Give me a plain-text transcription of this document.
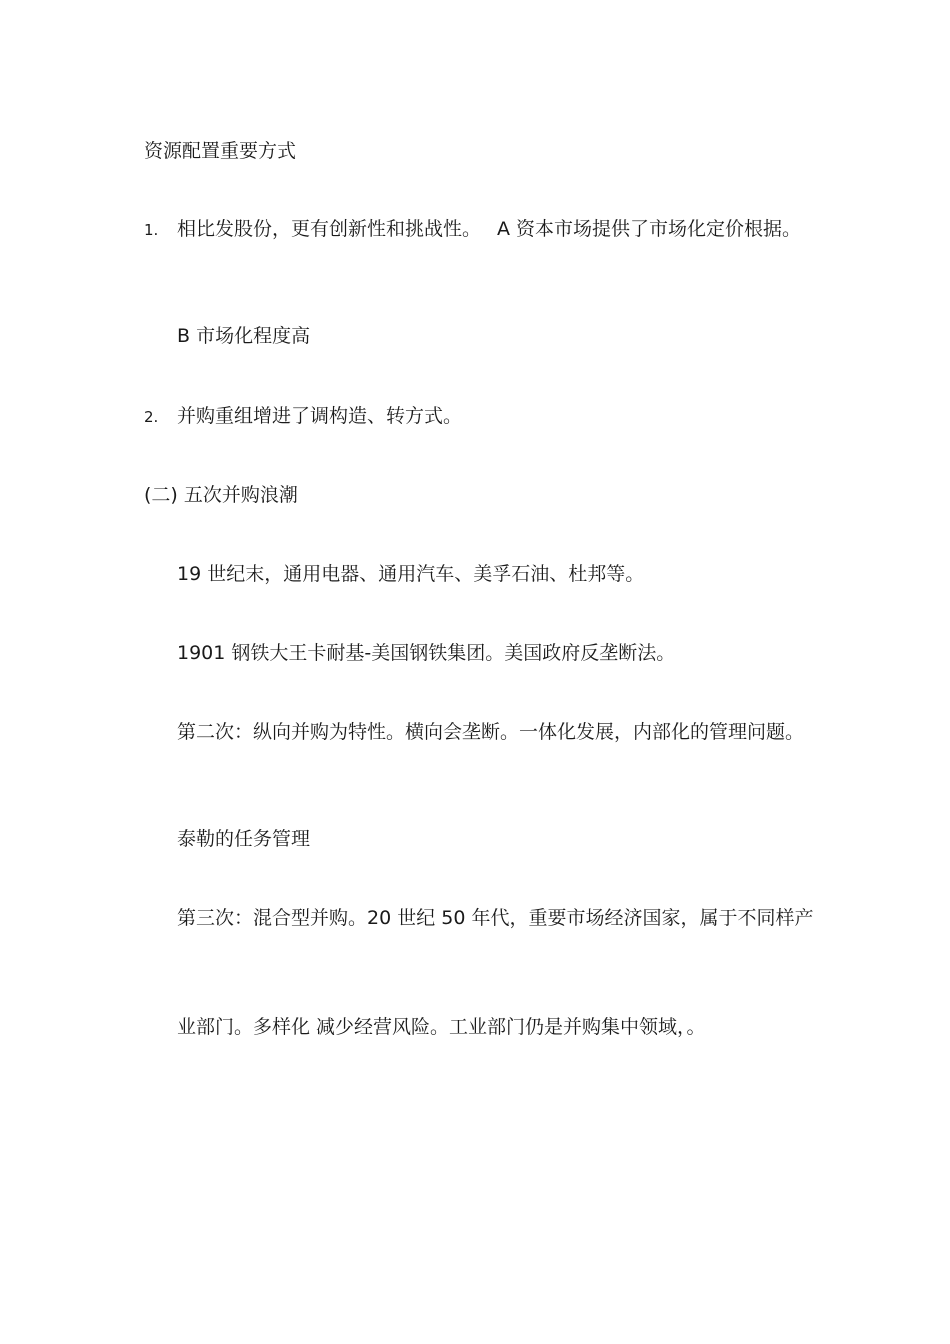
资源配置重要方式
1. 相比发股份，更有创新性和挑战性。 A 资本市场提供了市场化定价根据。
B 市场化程度高
2. 并购重组增进了调构造、转方式。
(二) 五次并购浪潮
19 世纪末，通用电器、通用汽车、美孚石油、杜邦等。
1901 钢铁大王卡耐基-美国钢铁集团。美国政府反垄断法。
第二次：纵向并购为特性。横向会垄断。一体化发展，内部化的管理问题。
泰勒的任务管理
第三次：混合型并购。20 世纪 50 年代，重要市场经济国家，属于不同样产
业部门。多样化 减少经营风险。工业部门仍是并购集中领域，。
